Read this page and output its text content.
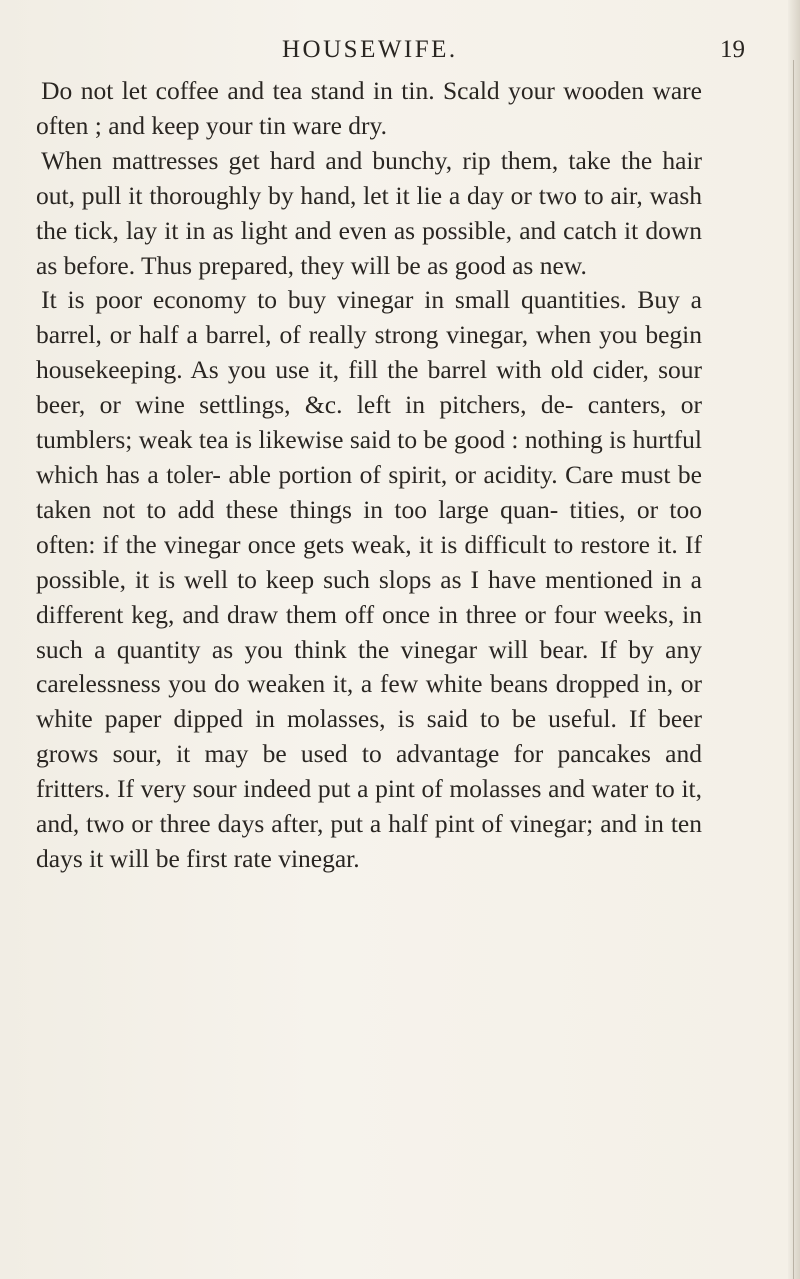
HOUSEWIFE.	19

Do not let coffee and tea stand in tin. Scald your wooden ware often ; and keep your tin ware dry.

When mattresses get hard and bunchy, rip them, take the hair out, pull it thoroughly by hand, let it lie a day or two to air, wash the tick, lay it in as light and even as possible, and catch it down as before. Thus prepared, they will be as good as new.

It is poor economy to buy vinegar in small quantities. Buy a barrel, or half a barrel, of really strong vinegar, when you begin housekeeping. As you use it, fill the barrel with old cider, sour beer, or wine settlings, &c. left in pitchers, de- canters, or tumblers; weak tea is likewise said to be good : nothing is hurtful which has a toler- able portion of spirit, or acidity. Care must be taken not to add these things in too large quan- tities, or too often: if the vinegar once gets weak, it is difficult to restore it. If possible, it is well to keep such slops as I have mentioned in a different keg, and draw them off once in three or four weeks, in such a quantity as you think the vinegar will bear. If by any carelessness you do weaken it, a few white beans dropped in, or white paper dipped in molasses, is said to be useful. If beer grows sour, it may be used to advantage for pancakes and fritters. If very sour indeed put a pint of molasses and water to it, and, two or three days after, put a half pint of vinegar; and in ten days it will be first rate vinegar.
